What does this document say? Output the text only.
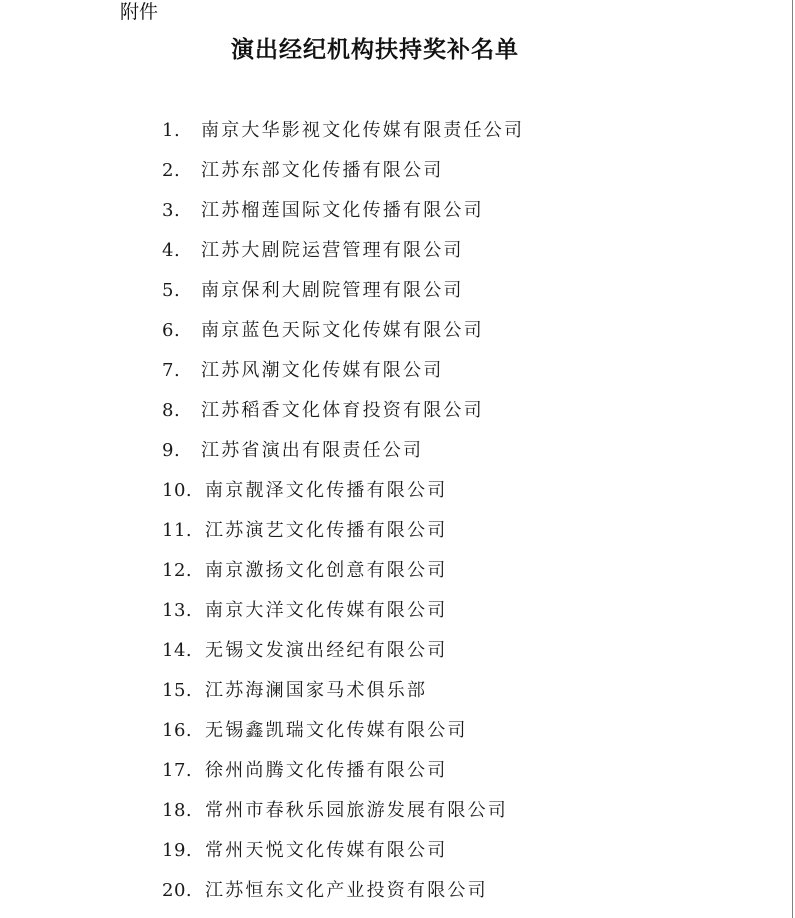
附件
演出经纪机构扶持奖补名单
1. 南京大华影视文化传媒有限责任公司
2. 江苏东部文化传播有限公司
3. 江苏榴莲国际文化传播有限公司
4. 江苏大剧院运营管理有限公司
5. 南京保利大剧院管理有限公司
6. 南京蓝色天际文化传媒有限公司
7. 江苏风潮文化传媒有限公司
8. 江苏稻香文化体育投资有限公司
9. 江苏省演出有限责任公司
10. 南京靓泽文化传播有限公司
11. 江苏演艺文化传播有限公司
12. 南京激扬文化创意有限公司
13. 南京大洋文化传媒有限公司
14. 无锡文发演出经纪有限公司
15. 江苏海澜国家马术俱乐部
16. 无锡鑫凯瑞文化传媒有限公司
17. 徐州尚腾文化传播有限公司
18. 常州市春秋乐园旅游发展有限公司
19. 常州天悦文化传媒有限公司
20. 江苏恒东文化产业投资有限公司
